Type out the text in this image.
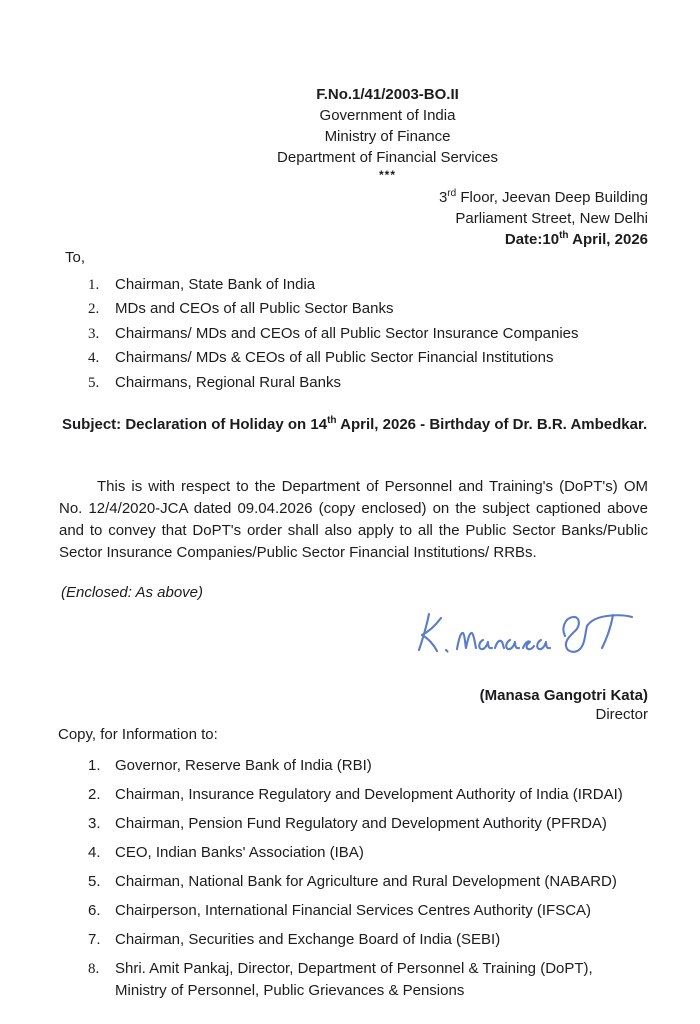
F.No.1/41/2003-BO.II
Government of India
Ministry of Finance
Department of Financial Services
***
3rd Floor, Jeevan Deep Building
Parliament Street, New Delhi
Date:10th April, 2026
To,
1.	Chairman, State Bank of India
2.	MDs and CEOs of all Public Sector Banks
3.	Chairmans/ MDs and CEOs of all Public Sector Insurance Companies
4.	Chairmans/ MDs & CEOs of all Public Sector Financial Institutions
5.	Chairmans, Regional Rural Banks
Subject: Declaration of Holiday on 14th April, 2026 - Birthday of Dr. B.R. Ambedkar.
This is with respect to the Department of Personnel and Training's (DoPT's) OM No. 12/4/2020-JCA dated 09.04.2026 (copy enclosed) on the subject captioned above and to convey that DoPT's order shall also apply to all the Public Sector Banks/Public Sector Insurance Companies/Public Sector Financial Institutions/ RRBs.
(Enclosed: As above)
(Manasa Gangotri Kata)
Director
Copy, for Information to:
1. Governor, Reserve Bank of India (RBI)
2. Chairman, Insurance Regulatory and Development Authority of India (IRDAI)
3. Chairman, Pension Fund Regulatory and Development Authority (PFRDA)
4. CEO, Indian Banks' Association (IBA)
5. Chairman, National Bank for Agriculture and Rural Development (NABARD)
6. Chairperson, International Financial Services Centres Authority (IFSCA)
7. Chairman, Securities and Exchange Board of India (SEBI)
8.	Shri. Amit Pankaj, Director, Department of Personnel & Training (DoPT),
Ministry of Personnel, Public Grievances & Pensions
